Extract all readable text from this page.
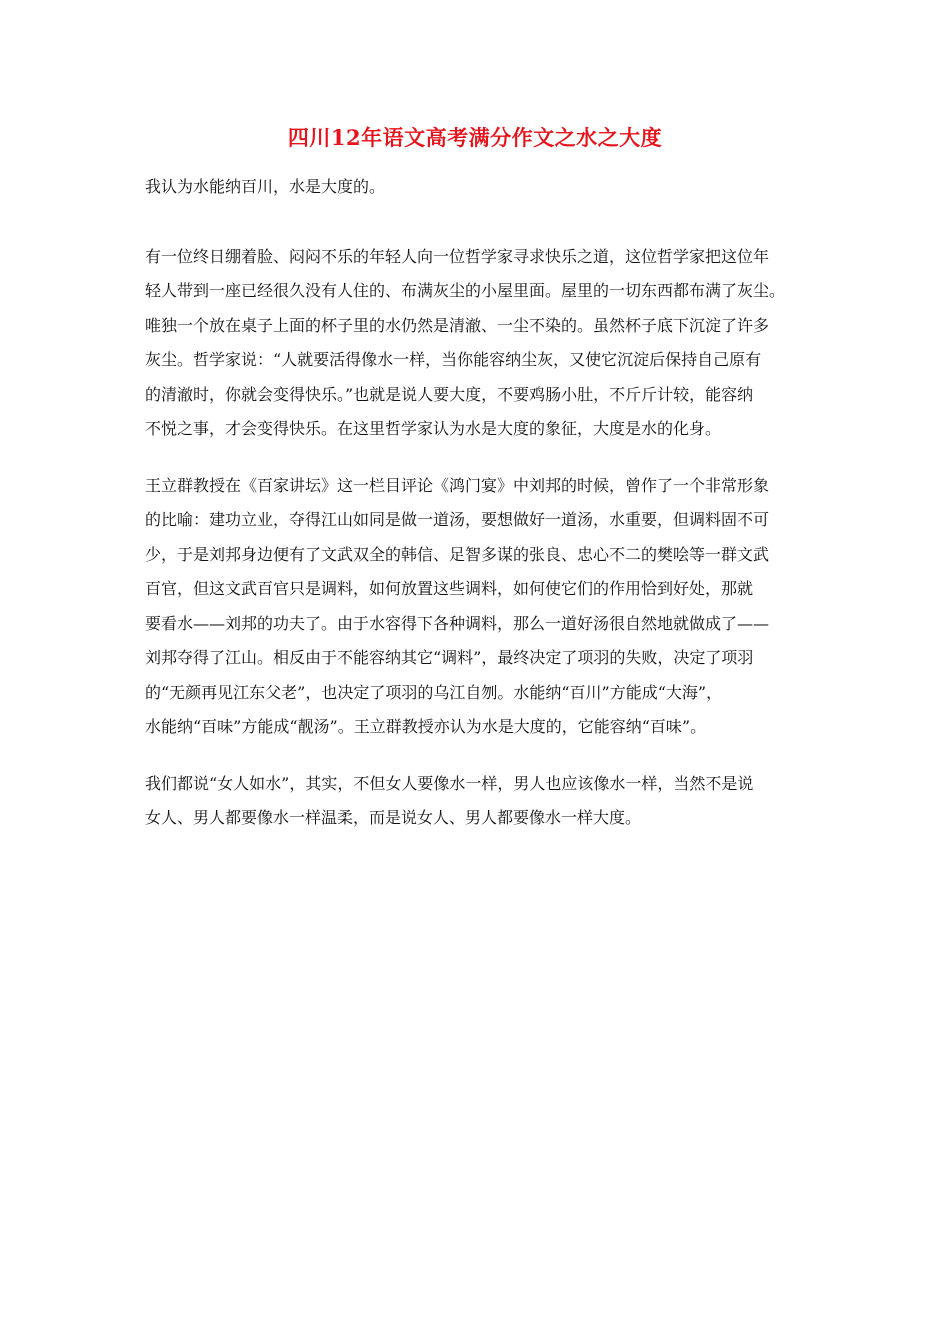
四川12年语文高考满分作文之水之大度
我认为水能纳百川，水是大度的。
有一位终日绷着脸、闷闷不乐的年轻人向一位哲学家寻求快乐之道，这位哲学家把这位年
轻人带到一座已经很久没有人住的、布满灰尘的小屋里面。屋里的一切东西都布满了灰尘。
唯独一个放在桌子上面的杯子里的水仍然是清澈、一尘不染的。虽然杯子底下沉淀了许多
灰尘。哲学家说：“人就要活得像水一样，当你能容纳尘灰，又使它沉淀后保持自己原有
的清澈时，你就会变得快乐。”也就是说人要大度，不要鸡肠小肚，不斤斤计较，能容纳
不悦之事，才会变得快乐。在这里哲学家认为水是大度的象征，大度是水的化身。
王立群教授在《百家讲坛》这一栏目评论《鸿门宴》中刘邦的时候，曾作了一个非常形象
的比喻：建功立业，夺得江山如同是做一道汤，要想做好一道汤，水重要，但调料固不可
少，于是刘邦身边便有了文武双全的韩信、足智多谋的张良、忠心不二的樊哙等一群文武
百官，但这文武百官只是调料，如何放置这些调料，如何使它们的作用恰到好处，那就
要看水——刘邦的功夫了。由于水容得下各种调料，那么一道好汤很自然地就做成了——
刘邦夺得了江山。相反由于不能容纳其它“调料”，最终决定了项羽的失败，决定了项羽
的“无颜再见江东父老”，也决定了项羽的乌江自刎。水能纳“百川”方能成“大海”，
水能纳“百味”方能成“靓汤”。王立群教授亦认为水是大度的，它能容纳“百味”。
我们都说“女人如水”，其实，不但女人要像水一样，男人也应该像水一样，当然不是说
女人、男人都要像水一样温柔，而是说女人、男人都要像水一样大度。
